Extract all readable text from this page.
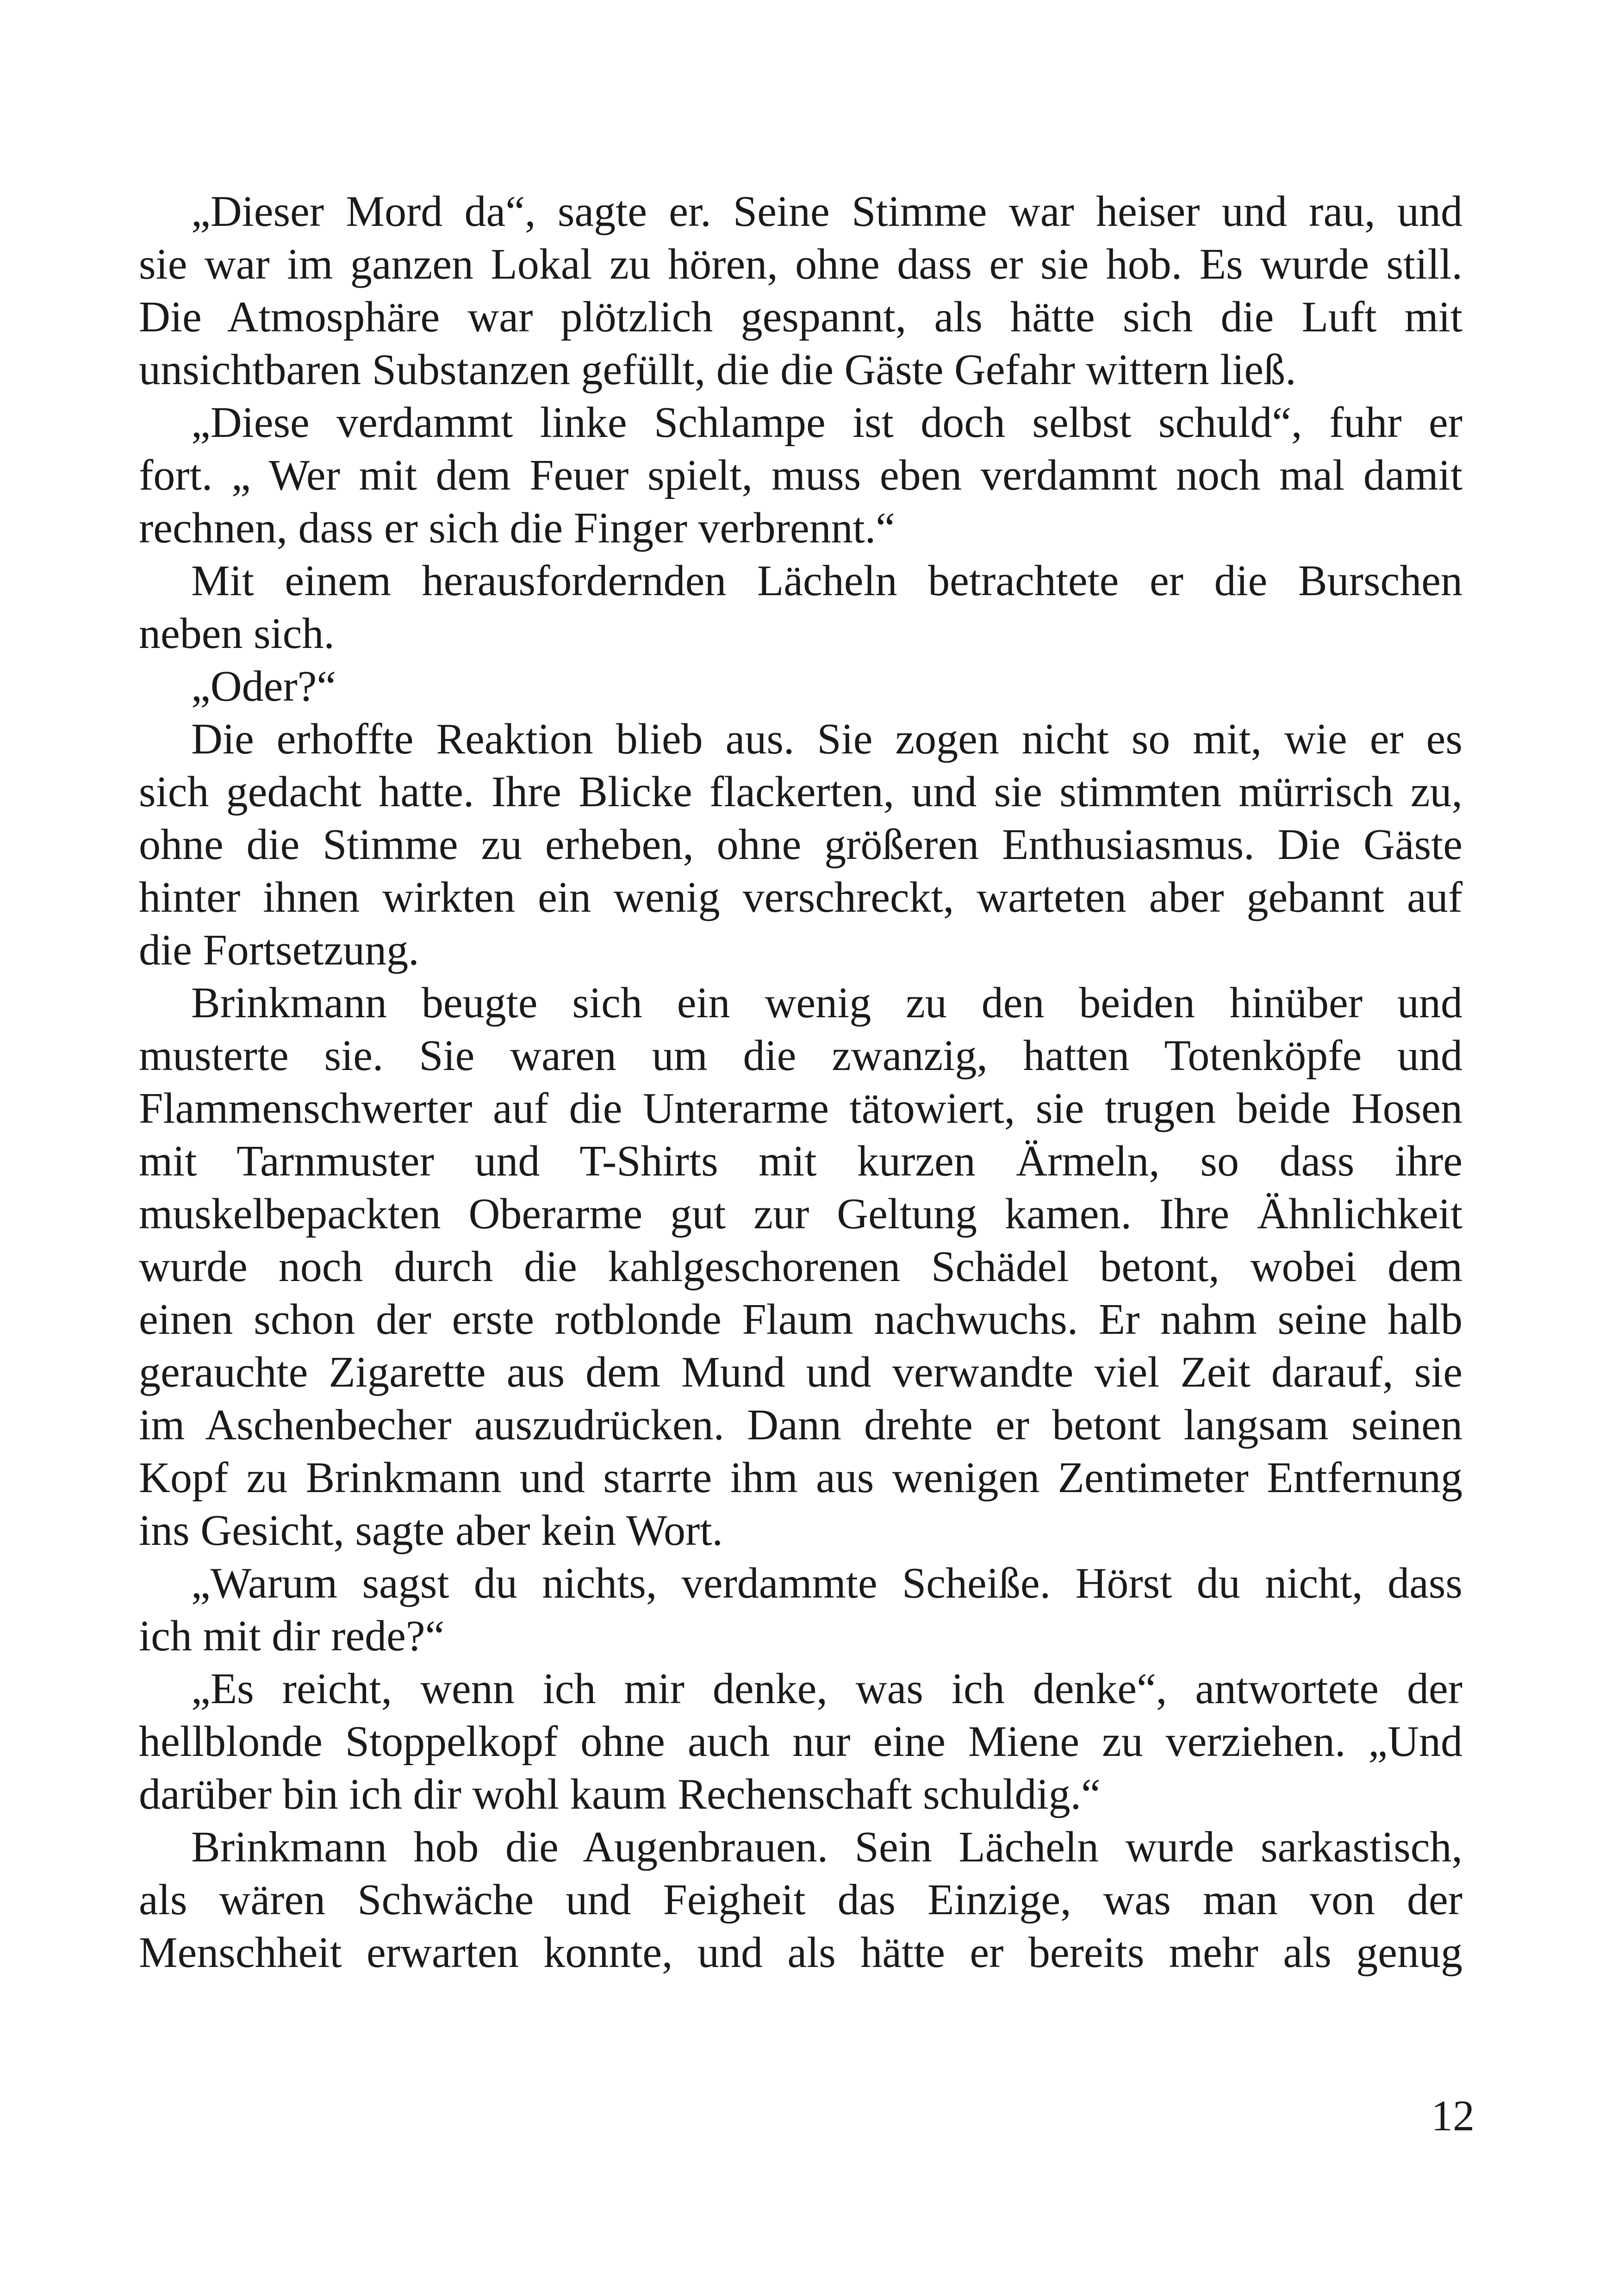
„Dieser Mord da“, sagte er. Seine Stimme war heiser und rau, und
sie war im ganzen Lokal zu hören, ohne dass er sie hob. Es wurde still.
Die Atmosphäre war plötzlich gespannt, als hätte sich die Luft mit
unsichtbaren Substanzen gefüllt, die die Gäste Gefahr wittern ließ.
„Diese verdammt linke Schlampe ist doch selbst schuld“, fuhr er
fort. „ Wer mit dem Feuer spielt, muss eben verdammt noch mal damit
rechnen, dass er sich die Finger verbrennt.“
Mit einem herausfordernden Lächeln betrachtete er die Burschen
neben sich.
„Oder?“
Die erhoffte Reaktion blieb aus. Sie zogen nicht so mit, wie er es
sich gedacht hatte. Ihre Blicke flackerten, und sie stimmten mürrisch zu,
ohne die Stimme zu erheben, ohne größeren Enthusiasmus. Die Gäste
hinter ihnen wirkten ein wenig verschreckt, warteten aber gebannt auf
die Fortsetzung.
Brinkmann beugte sich ein wenig zu den beiden hinüber und
musterte sie. Sie waren um die zwanzig, hatten Totenköpfe und
Flammenschwerter auf die Unterarme tätowiert, sie trugen beide Hosen
mit Tarnmuster und T-Shirts mit kurzen Ärmeln, so dass ihre
muskelbepackten Oberarme gut zur Geltung kamen. Ihre Ähnlichkeit
wurde noch durch die kahlgeschorenen Schädel betont, wobei dem
einen schon der erste rotblonde Flaum nachwuchs. Er nahm seine halb
gerauchte Zigarette aus dem Mund und verwandte viel Zeit darauf, sie
im Aschenbecher auszudrücken. Dann drehte er betont langsam seinen
Kopf zu Brinkmann und starrte ihm aus wenigen Zentimeter Entfernung
ins Gesicht, sagte aber kein Wort.
„Warum sagst du nichts, verdammte Scheiße. Hörst du nicht, dass
ich mit dir rede?“
„Es reicht, wenn ich mir denke, was ich denke“, antwortete der
hellblonde Stoppelkopf ohne auch nur eine Miene zu verziehen. „Und
darüber bin ich dir wohl kaum Rechenschaft schuldig.“
Brinkmann hob die Augenbrauen. Sein Lächeln wurde sarkastisch,
als wären Schwäche und Feigheit das Einzige, was man von der
Menschheit erwarten konnte, und als hätte er bereits mehr als genug
12
